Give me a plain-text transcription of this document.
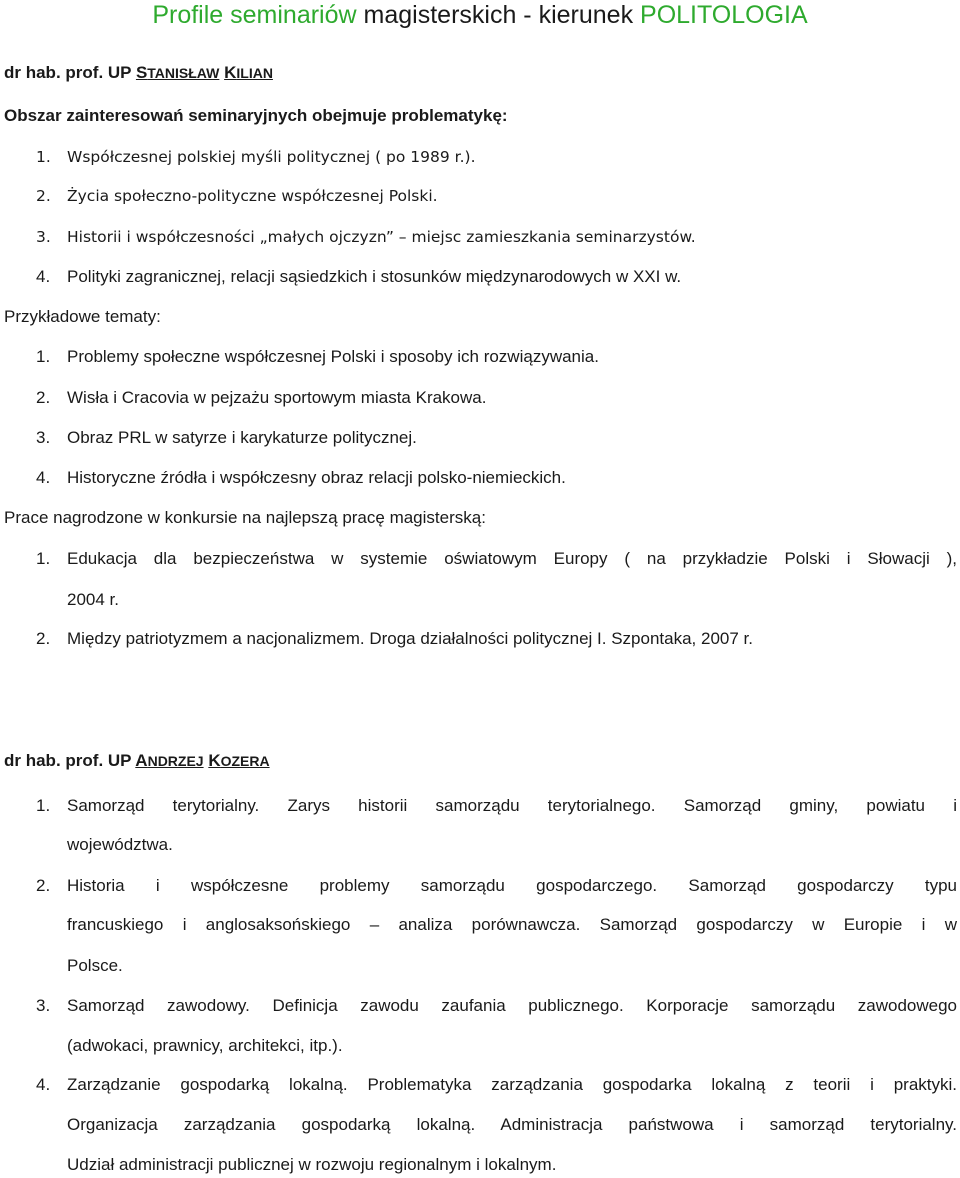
Profile seminariów magisterskich - kierunek POLITOLOGIA
dr hab. prof. UP STANISŁAW KILIAN
Obszar zainteresowań seminaryjnych obejmuje problematykę:
1. Współczesnej polskiej myśli politycznej ( po 1989 r.).
2. Życia społeczno-polityczne współczesnej Polski.
3. Historii i współczesności „małych ojczyzn” – miejsc zamieszkania seminarzystów.
4. Polityki zagranicznej, relacji sąsiedzkich i stosunków międzynarodowych w XXI w.
Przykładowe tematy:
1. Problemy społeczne współczesnej Polski i sposoby ich rozwiązywania.
2. Wisła i Cracovia w pejzażu sportowym miasta Krakowa.
3. Obraz PRL w satyrze i karykaturze politycznej.
4. Historyczne źródła i współczesny obraz relacji polsko-niemieckich.
Prace nagrodzone w konkursie na najlepszą pracę magisterską:
1. Edukacja dla bezpieczeństwa w systemie oświatowym Europy ( na przykładzie Polski i Słowacji ),
2004 r.
2. Między patriotyzmem a nacjonalizmem. Droga działalności politycznej I. Szpontaka, 2007 r.
dr hab. prof. UP ANDRZEJ KOZERA
1. Samorząd terytorialny. Zarys historii samorządu terytorialnego. Samorząd gminy, powiatu i
województwa.
2. Historia i współczesne problemy samorządu gospodarczego. Samorząd gospodarczy typu
francuskiego i anglosaksońskiego – analiza porównawcza. Samorząd gospodarczy w Europie i w
Polsce.
3. Samorząd zawodowy. Definicja zawodu zaufania publicznego. Korporacje samorządu zawodowego
(adwokaci, prawnicy, architekci, itp.).
4. Zarządzanie gospodarką lokalną. Problematyka zarządzania gospodarka lokalną z teorii i praktyki.
Organizacja zarządzania gospodarką lokalną. Administracja państwowa i samorząd terytorialny.
Udział administracji publicznej w rozwoju regionalnym i lokalnym.
